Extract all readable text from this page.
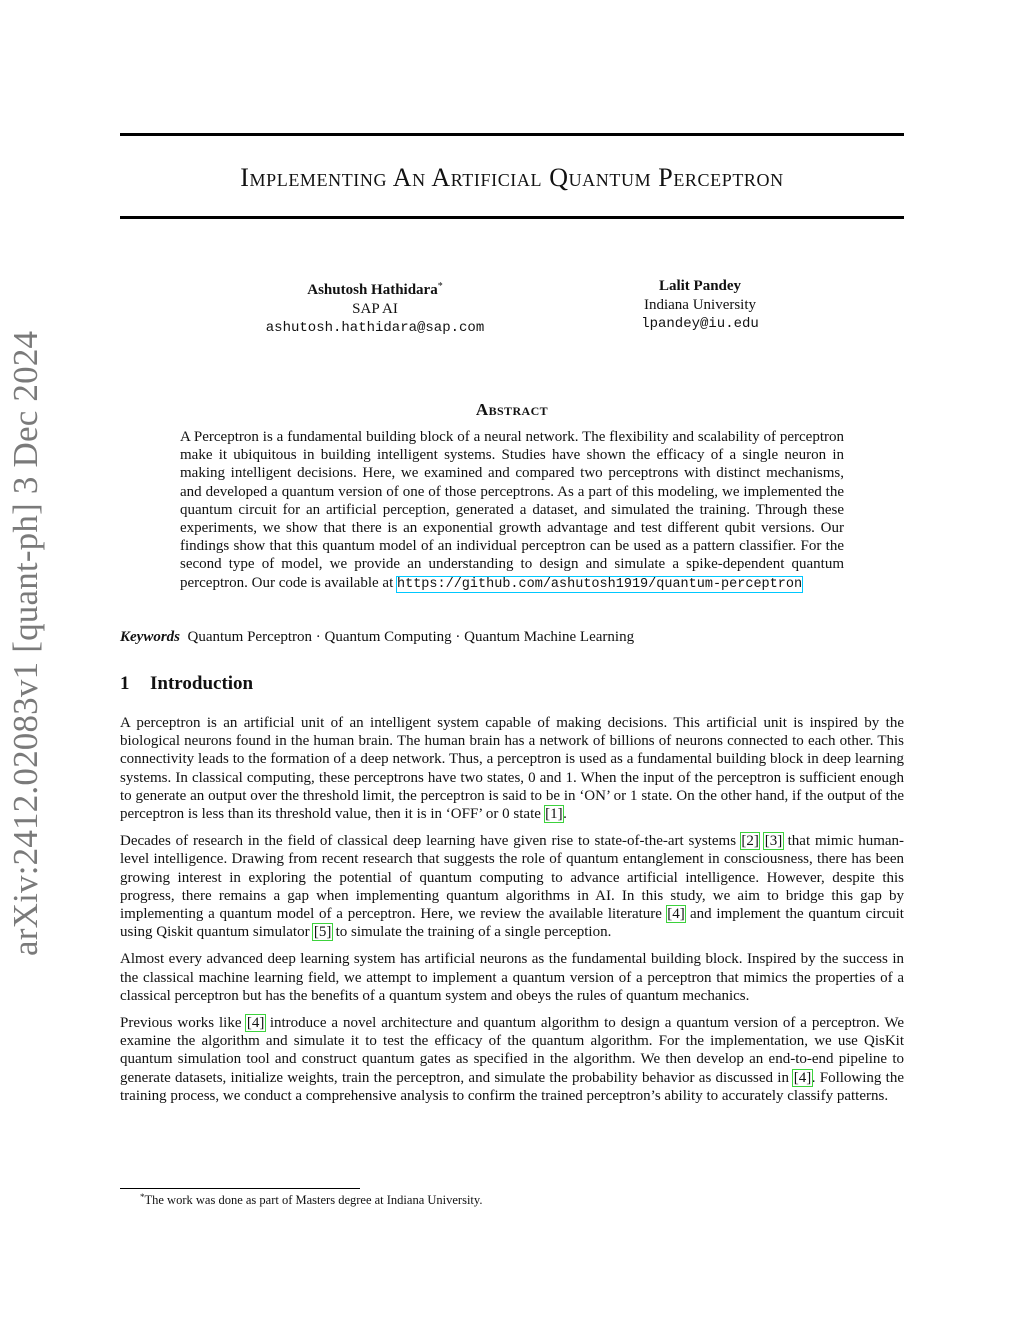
arXiv:2412.02083v1 [quant-ph] 3 Dec 2024
Implementing An Artificial Quantum Perceptron
Ashutosh Hathidara*
SAP AI
ashutosh.hathidara@sap.com
Lalit Pandey
Indiana University
lpandey@iu.edu
Abstract
A Perceptron is a fundamental building block of a neural network. The flexibility and scalability of perceptron make it ubiquitous in building intelligent systems. Studies have shown the efficacy of a single neuron in making intelligent decisions. Here, we examined and compared two perceptrons with distinct mechanisms, and developed a quantum version of one of those perceptrons. As a part of this modeling, we implemented the quantum circuit for an artificial perception, generated a dataset, and simulated the training. Through these experiments, we show that there is an exponential growth advantage and test different qubit versions. Our findings show that this quantum model of an individual perceptron can be used as a pattern classifier. For the second type of model, we provide an understanding to design and simulate a spike-dependent quantum perceptron. Our code is available at https://github.com/ashutosh1919/quantum-perceptron
Keywords Quantum Perceptron · Quantum Computing · Quantum Machine Learning
1 Introduction

A perceptron is an artificial unit of an intelligent system capable of making decisions. This artificial unit is inspired by the biological neurons found in the human brain. The human brain has a network of billions of neurons connected to each other. This connectivity leads to the formation of a deep network. Thus, a perceptron is used as a fundamental building block in deep learning systems. In classical computing, these perceptrons have two states, 0 and 1. When the input of the perceptron is sufficient enough to generate an output over the threshold limit, the perceptron is said to be in ‘ON’ or 1 state. On the other hand, if the output of the perceptron is less than its threshold value, then it is in ‘OFF’ or 0 state [1].

Decades of research in the field of classical deep learning have given rise to state-of-the-art systems [2] [3] that mimic human-level intelligence. Drawing from recent research that suggests the role of quantum entanglement in consciousness, there has been growing interest in exploring the potential of quantum computing to advance artificial intelligence. However, despite this progress, there remains a gap when implementing quantum algorithms in AI. In this study, we aim to bridge this gap by implementing a quantum model of a perceptron. Here, we review the available literature [4] and implement the quantum circuit using Qiskit quantum simulator [5] to simulate the training of a single perception.

Almost every advanced deep learning system has artificial neurons as the fundamental building block. Inspired by the success in the classical machine learning field, we attempt to implement a quantum version of a perceptron that mimics the properties of a classical perceptron but has the benefits of a quantum system and obeys the rules of quantum mechanics.

Previous works like [4] introduce a novel architecture and quantum algorithm to design a quantum version of a perceptron. We examine the algorithm and simulate it to test the efficacy of the quantum algorithm. For the implementation, we use QisKit quantum simulation tool and construct quantum gates as specified in the algorithm. We then develop an end-to-end pipeline to generate datasets, initialize weights, train the perceptron, and simulate the probability behavior as discussed in [4]. Following the training process, we conduct a comprehensive analysis to confirm the trained perceptron’s ability to accurately classify patterns.

*The work was done as part of Masters degree at Indiana University.
